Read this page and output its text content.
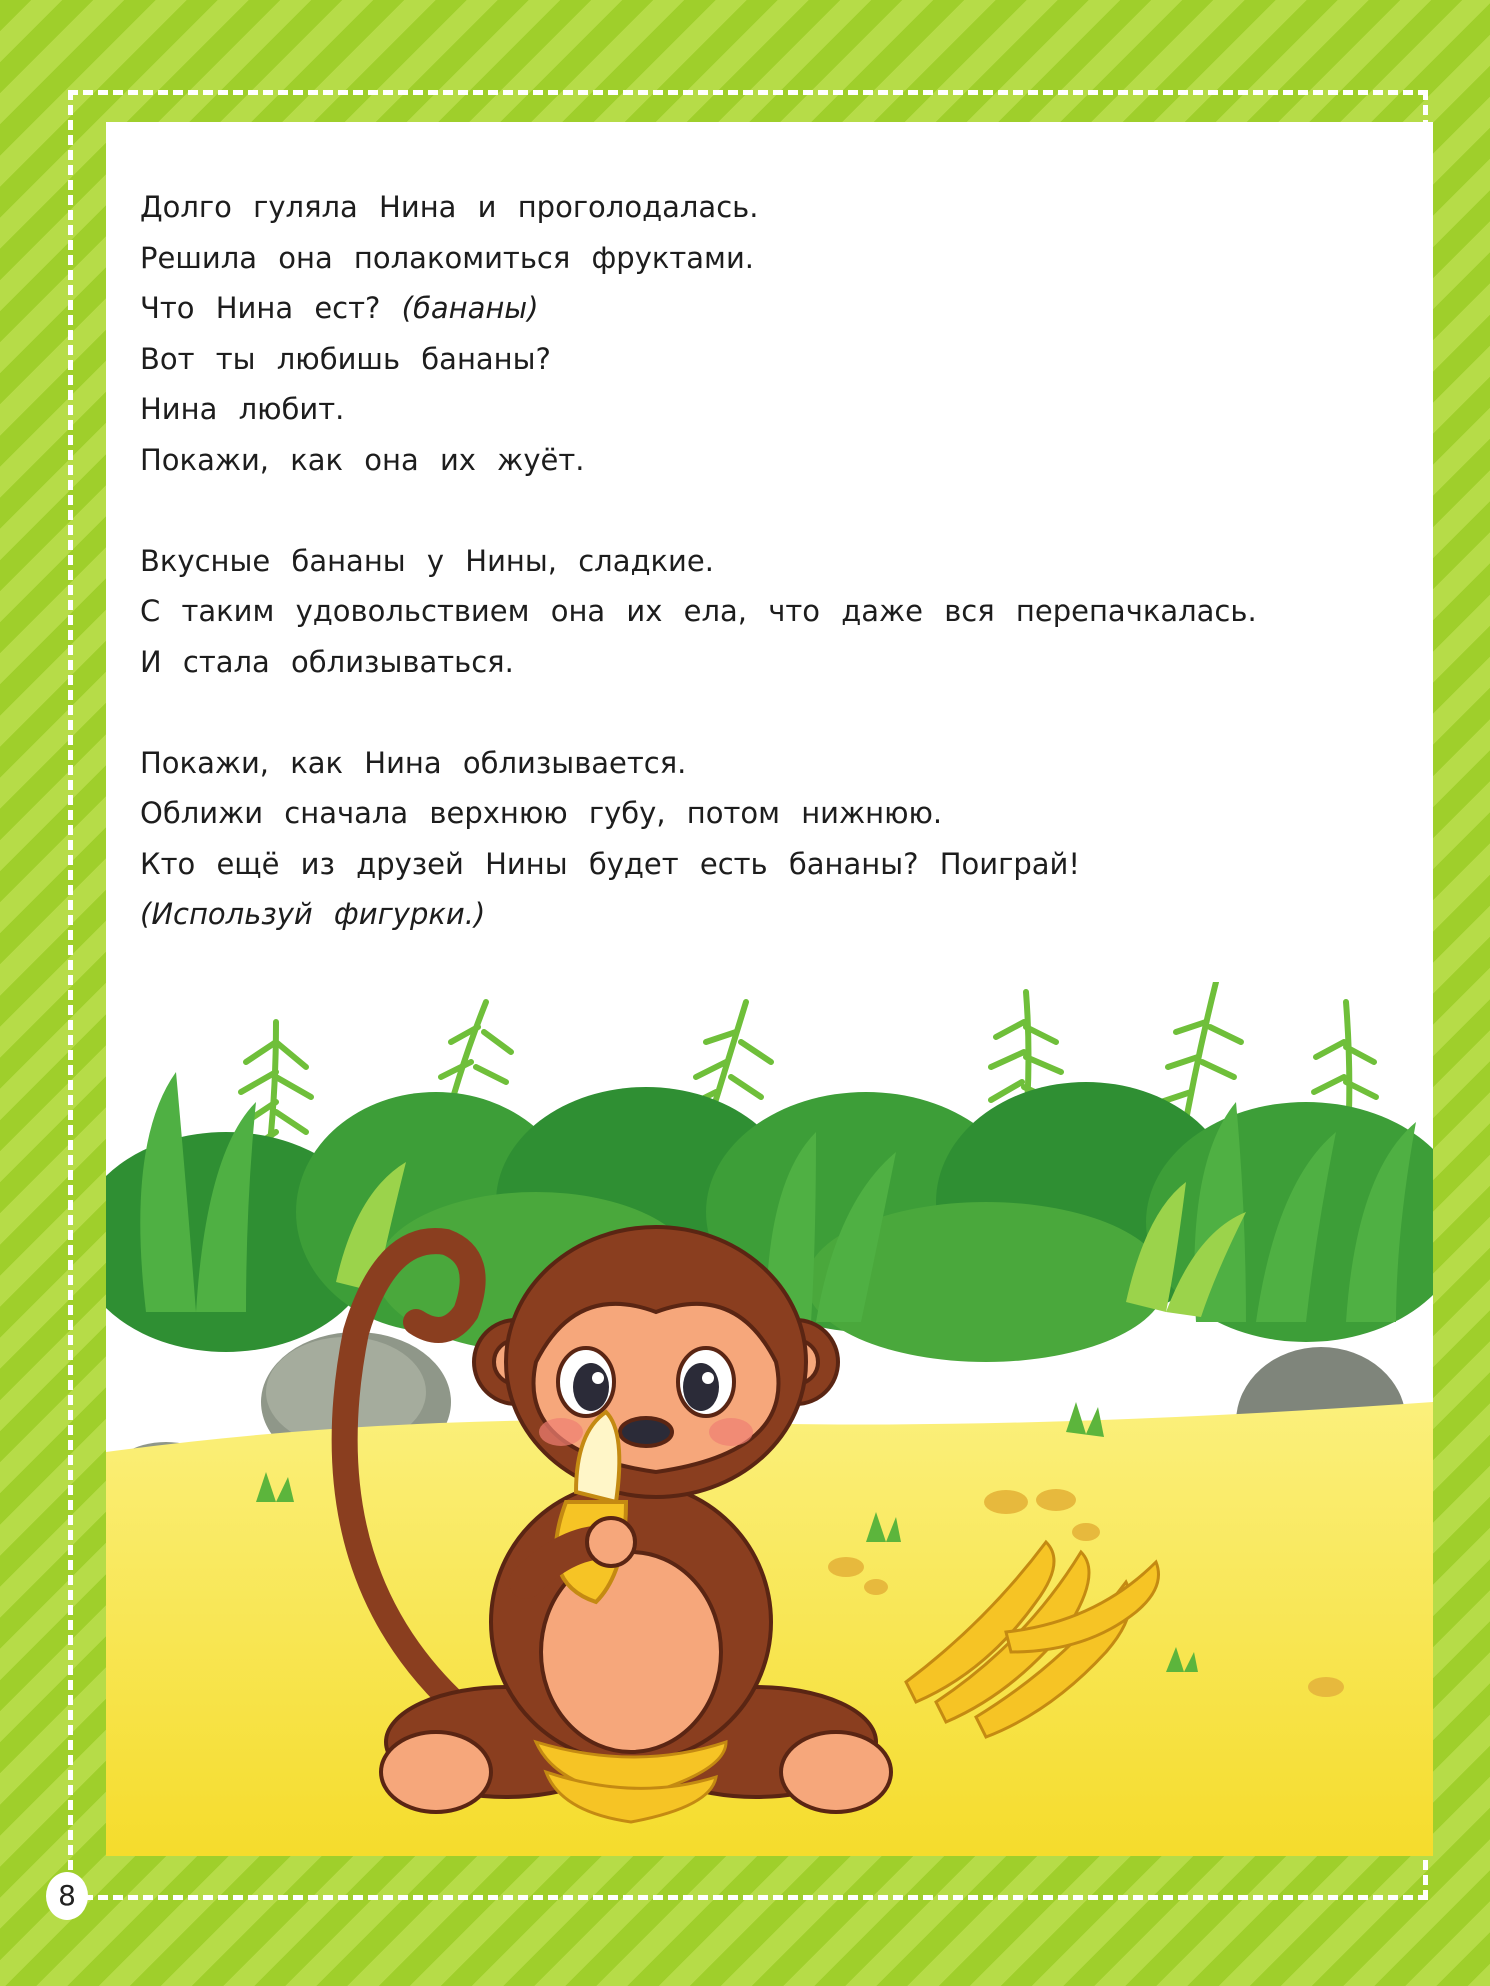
Долго гуляла Нина и проголодалась.
Решила она полакомиться фруктами.
Что Нина ест? (бананы)
Вот ты любишь бананы?
Нина любит.
Покажи, как она их жуёт.
Вкусные бананы у Нины, сладкие.
С таким удовольствием она их ела, что даже вся перепачкалась.
И стала облизываться.
Покажи, как Нина облизывается.
Оближи сначала верхнюю губу, потом нижнюю.
Кто ещё из друзей Нины будет есть бананы? Поиграй!
(Используй фигурки.)
8
